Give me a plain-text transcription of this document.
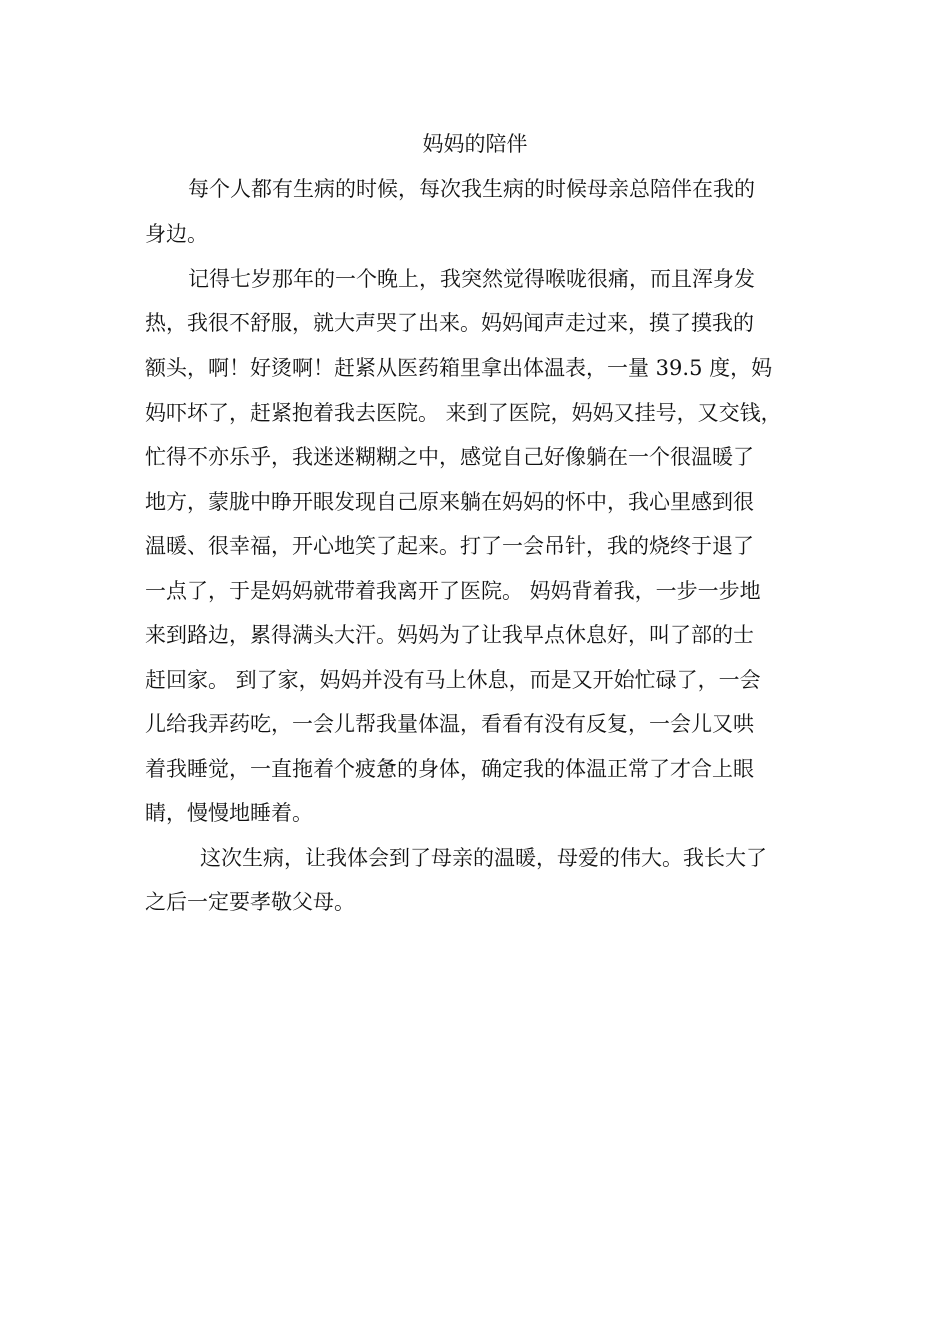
妈妈的陪伴

每个人都有生病的时候，每次我生病的时候母亲总陪伴在我的

身边。

记得七岁那年的一个晚上，我突然觉得喉咙很痛，而且浑身发

热，我很不舒服，就大声哭了出来。妈妈闻声走过来，摸了摸我的

额头，啊！好烫啊！赶紧从医药箱里拿出体温表，一量 39.5 度，妈

妈吓坏了，赶紧抱着我去医院。 来到了医院，妈妈又挂号，又交钱，

忙得不亦乐乎，我迷迷糊糊之中，感觉自己好像躺在一个很温暖了

地方，蒙胧中睁开眼发现自己原来躺在妈妈的怀中，我心里感到很

温暖、很幸福，开心地笑了起来。打了一会吊针，我的烧终于退了

一点了，于是妈妈就带着我离开了医院。 妈妈背着我，一步一步地

来到路边，累得满头大汗。妈妈为了让我早点休息好，叫了部的士

赶回家。 到了家，妈妈并没有马上休息，而是又开始忙碌了，一会

儿给我弄药吃，一会儿帮我量体温，看看有没有反复，一会儿又哄

着我睡觉，一直拖着个疲惫的身体，确定我的体温正常了才合上眼

睛，慢慢地睡着。

这次生病，让我体会到了母亲的温暖，母爱的伟大。我长大了

之后一定要孝敬父母。
